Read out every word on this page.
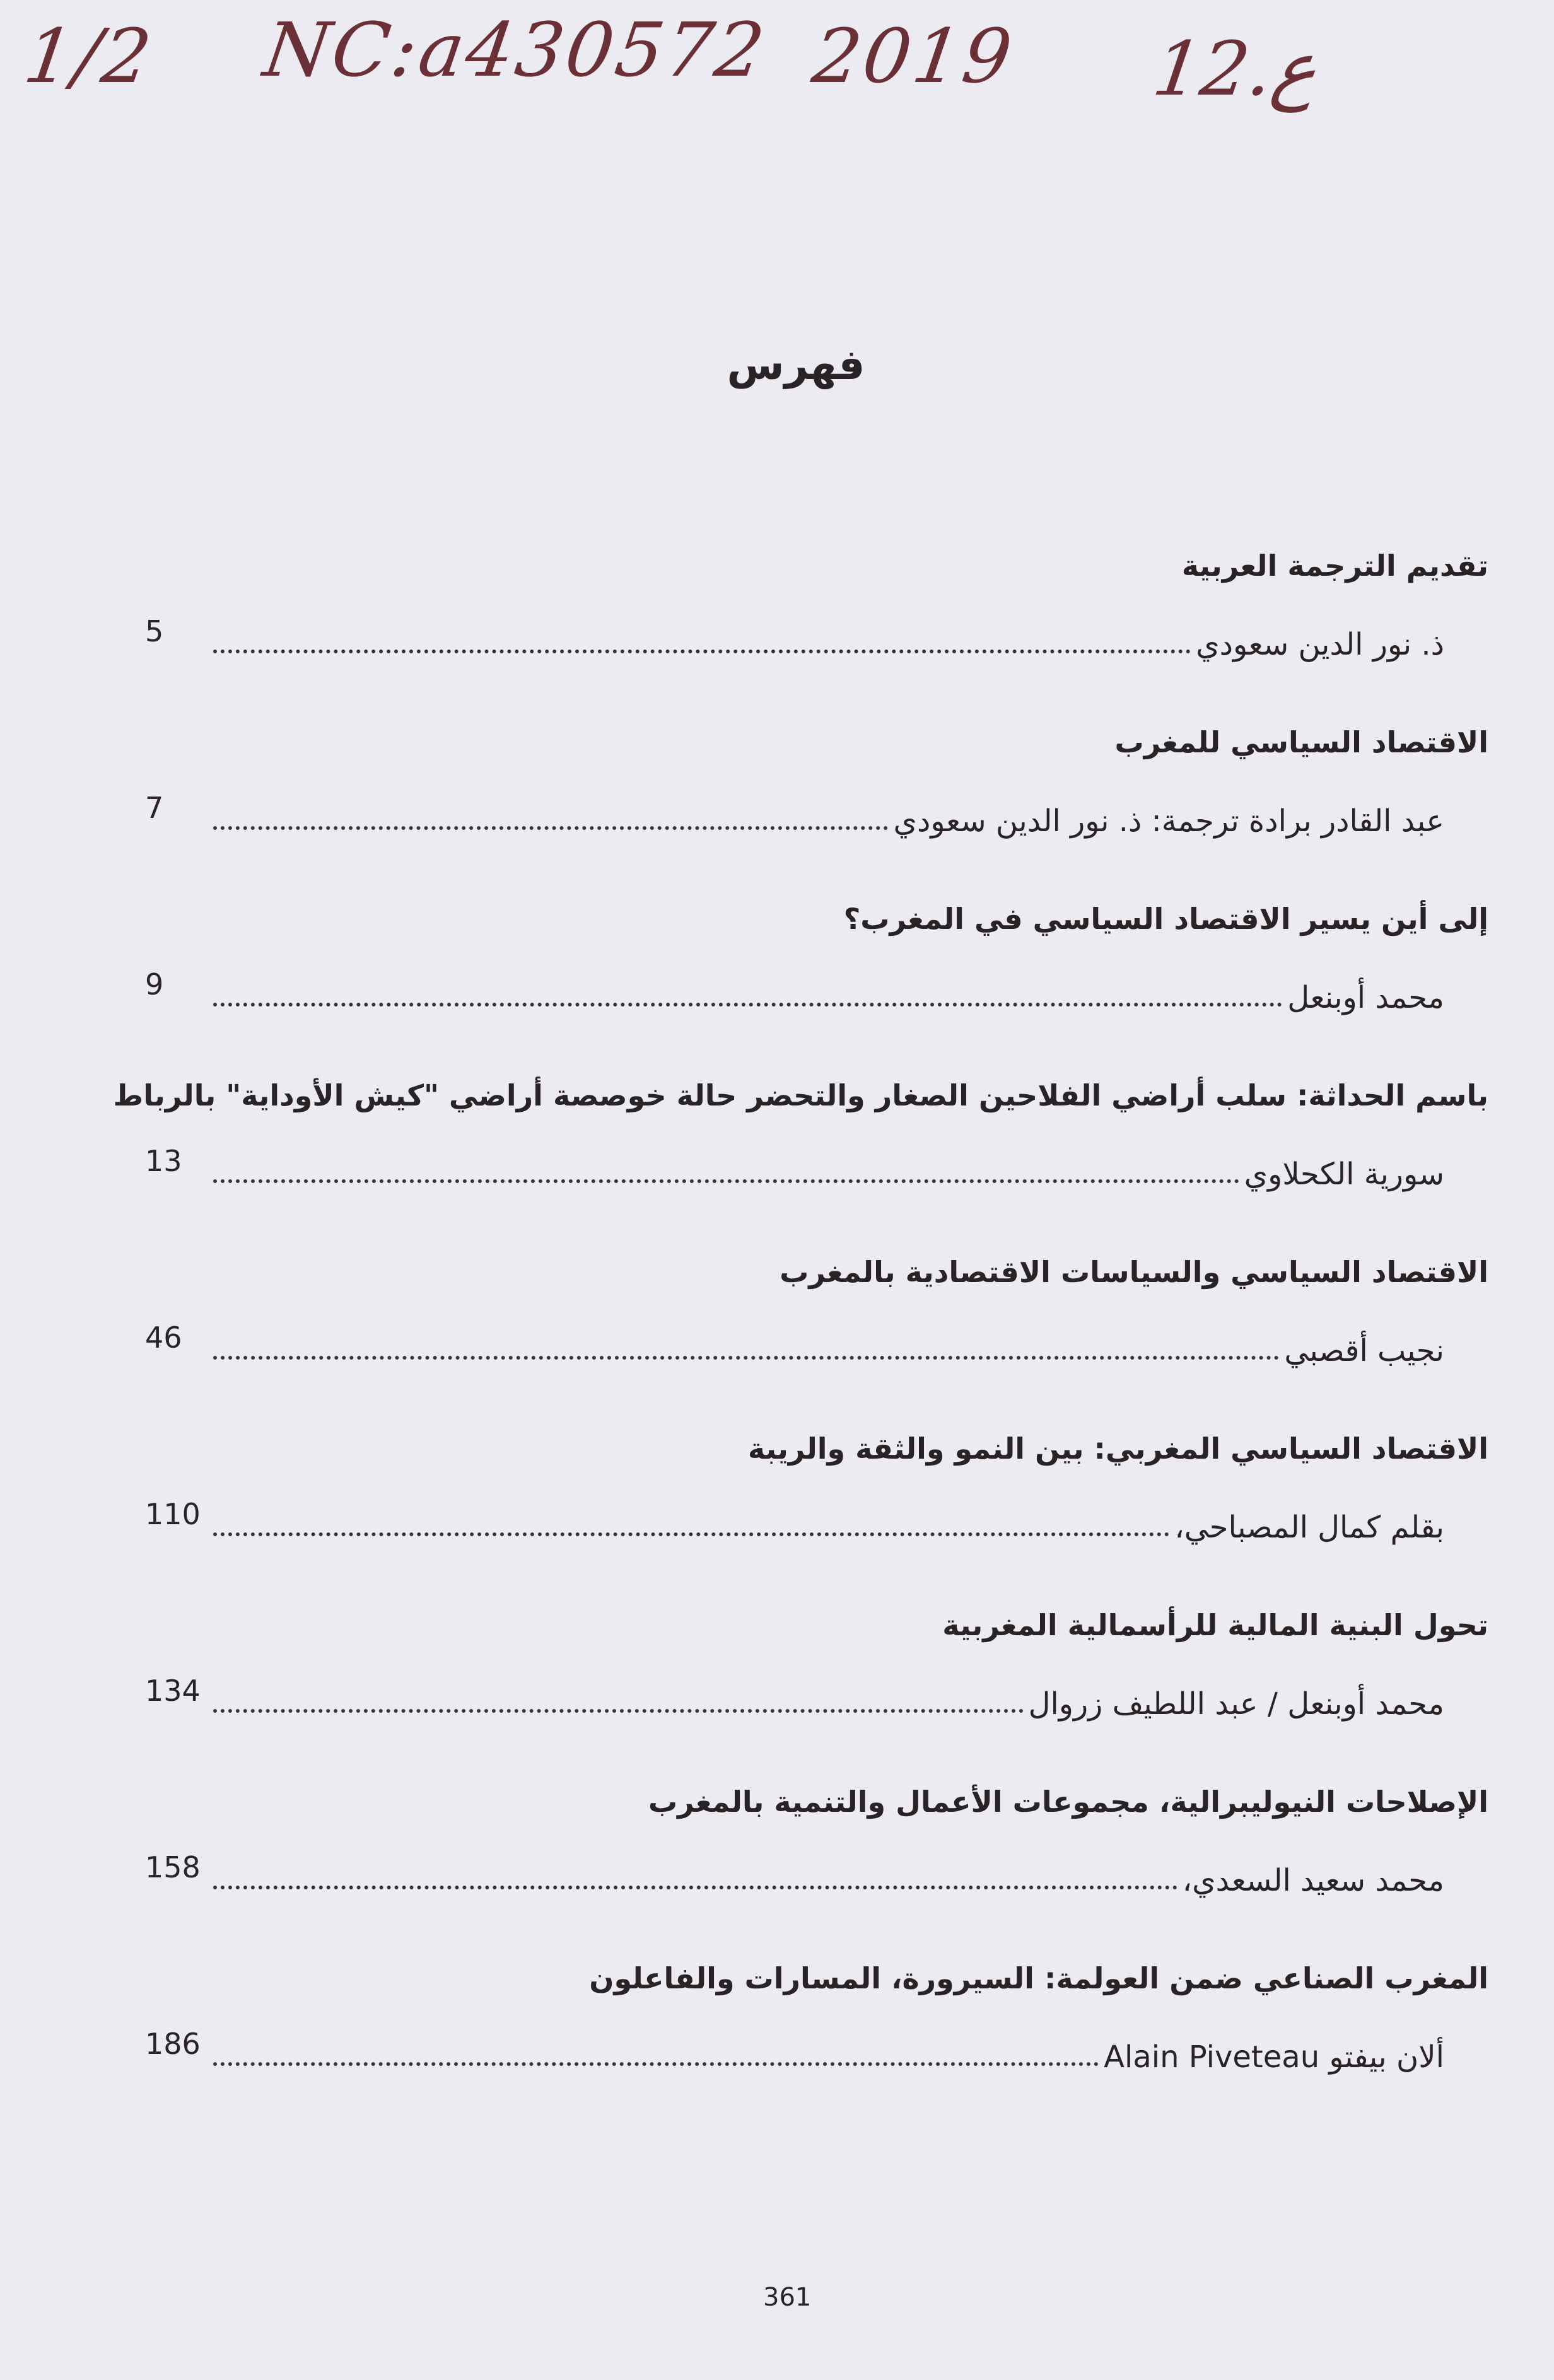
1/2 NC:a430572 2019 12.ع
فهرس
تقديم الترجمة العربية
ذ. نور الدين سعودي
5
الاقتصاد السياسي للمغرب
عبد القادر برادة ترجمة: ذ. نور الدين سعودي
7
إلى أين يسير الاقتصاد السياسي في المغرب؟
محمد أوبنعل
9
باسم الحداثة: سلب أراضي الفلاحين الصغار والتحضر حالة خوصصة أراضي "كيش الأوداية" بالرباط
سورية الكحلاوي
13
الاقتصاد السياسي والسياسات الاقتصادية بالمغرب
نجيب أقصبي
46
الاقتصاد السياسي المغربي: بين النمو والثقة والريبة
بقلم كمال المصباحي،
110
تحول البنية المالية للرأسمالية المغربية
محمد أوبنعل / عبد اللطيف زروال
134
الإصلاحات النيوليبرالية، مجموعات الأعمال والتنمية بالمغرب
محمد سعيد السعدي،
158
المغرب الصناعي ضمن العولمة: السيرورة، المسارات والفاعلون
ألان بيفتو Alain Piveteau
186
361
